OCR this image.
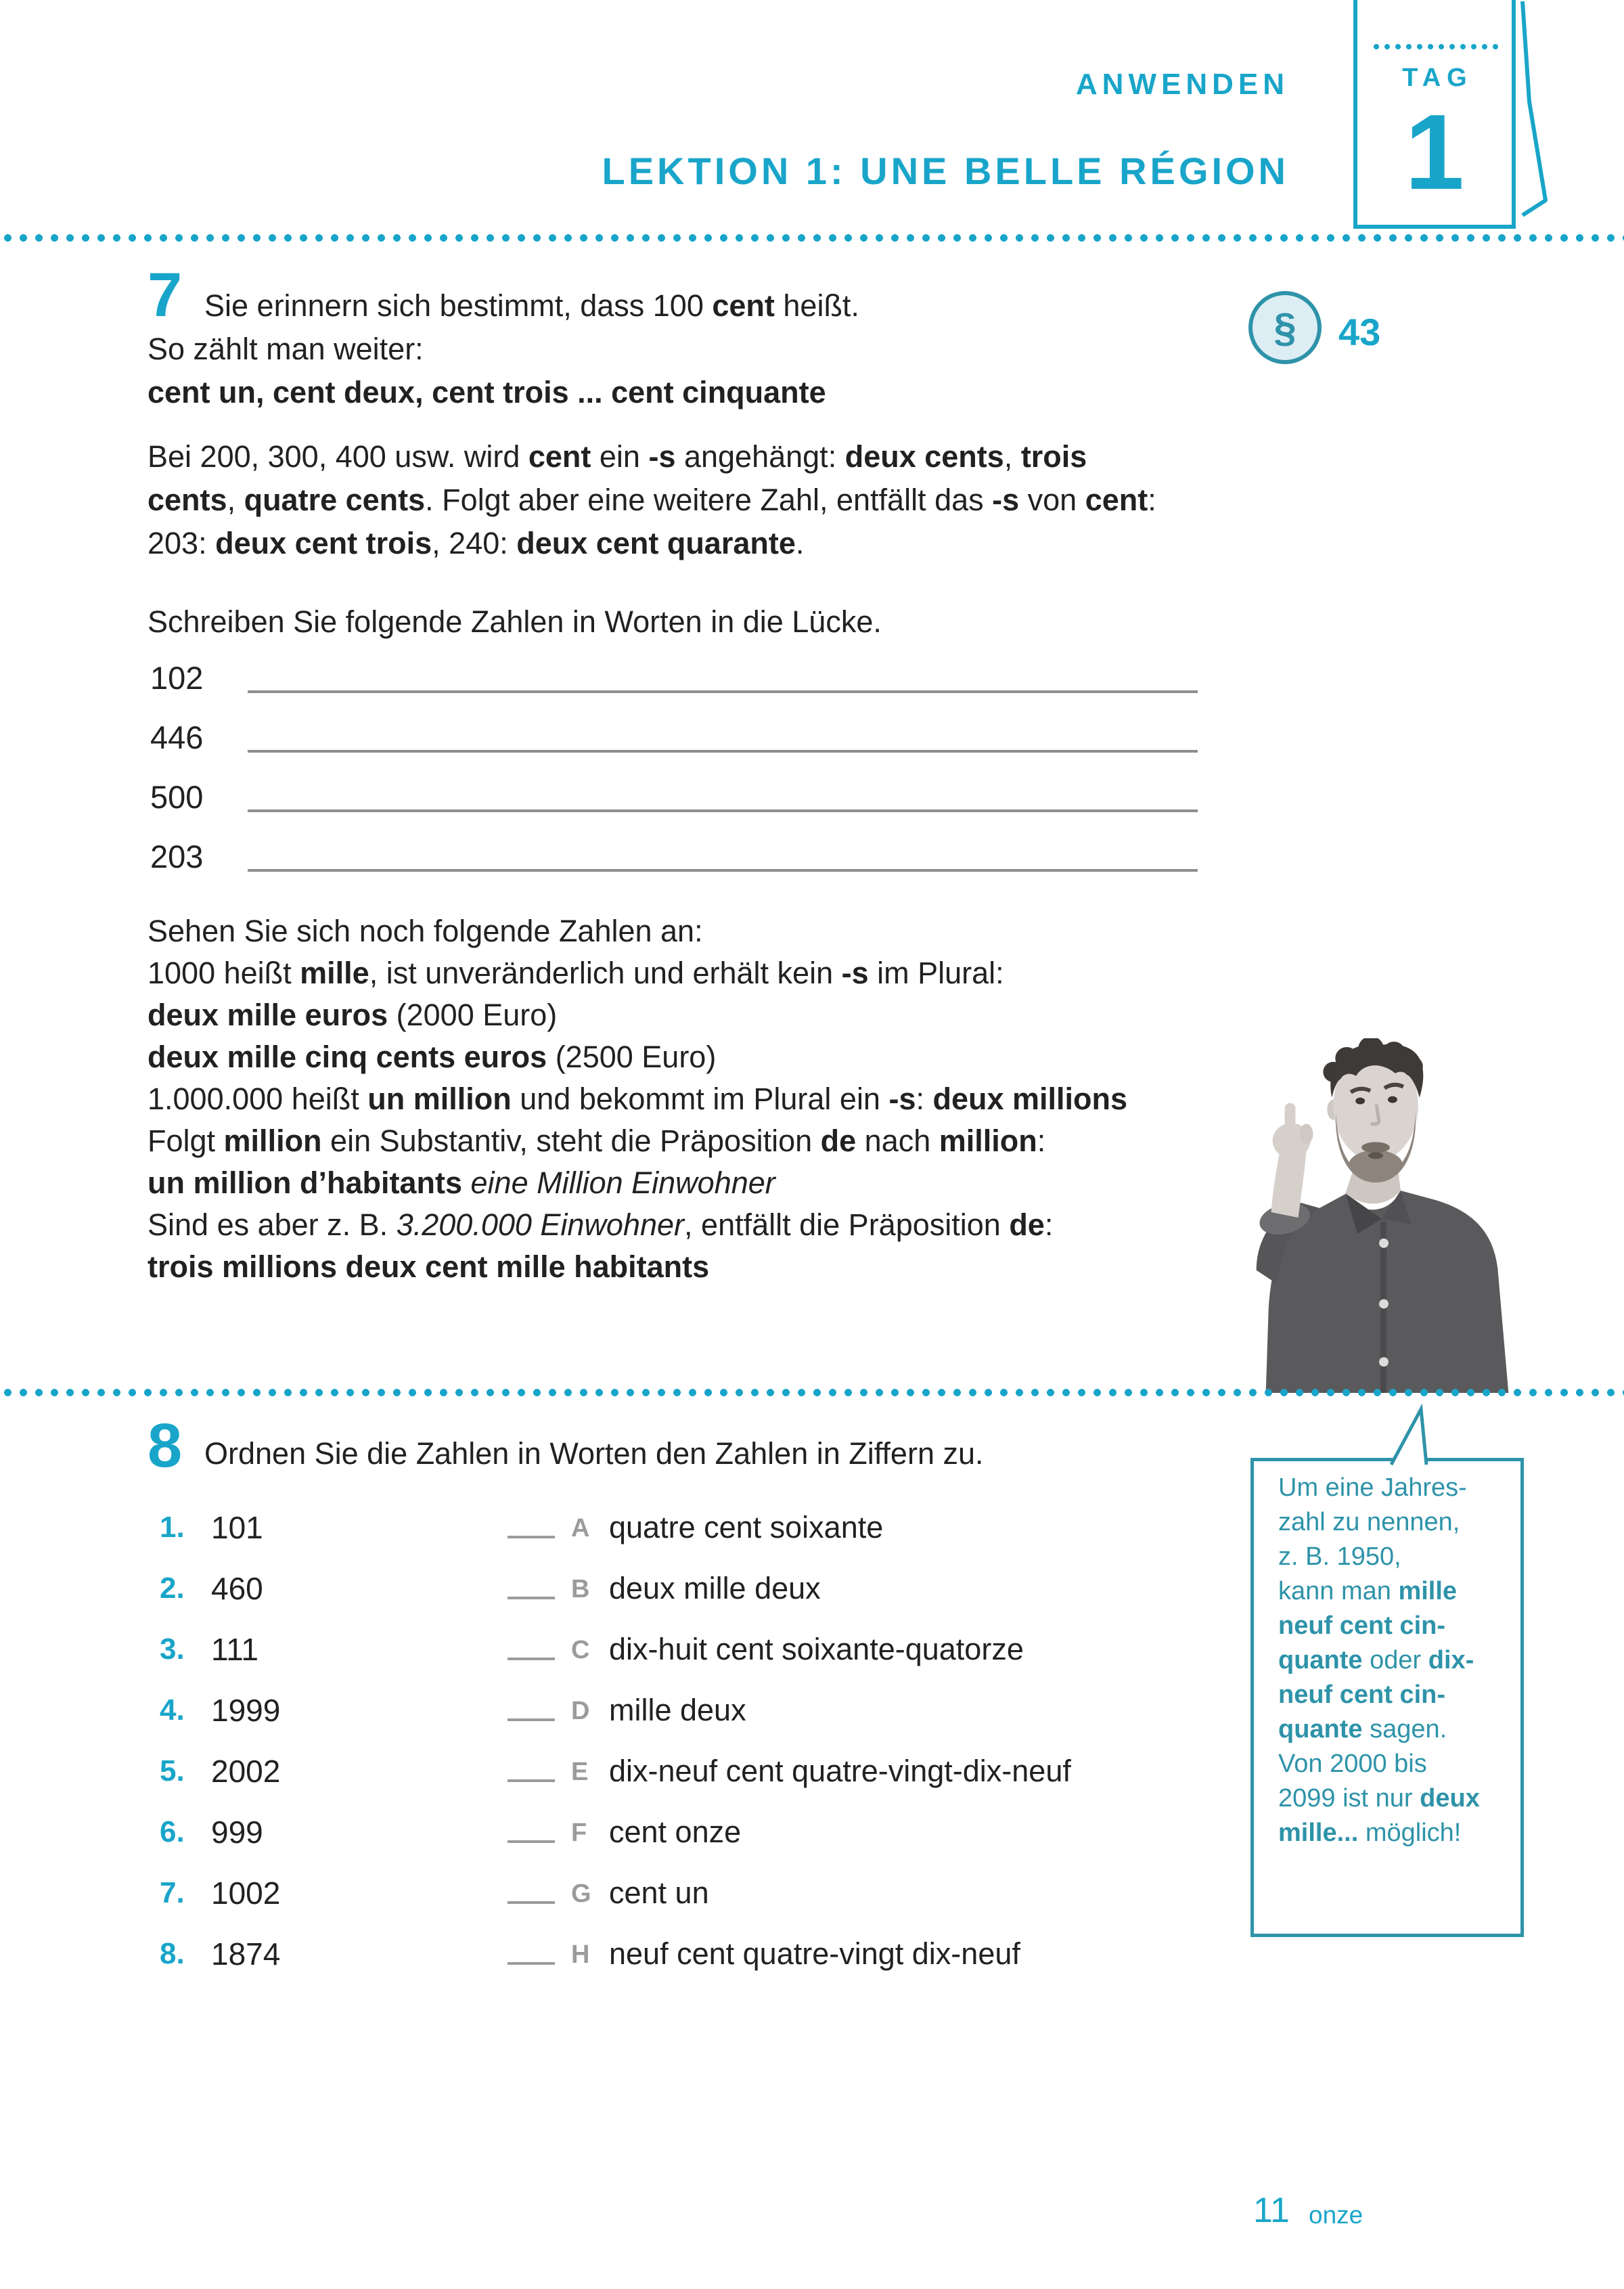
ANWENDEN
LEKTION 1: UNE BELLE RÉGION
TAG
1
7 Sie erinnern sich bestimmt, dass 100 cent heißt.
So zählt man weiter:
cent un, cent deux, cent trois ... cent cinquante
§	43
Bei 200, 300, 400 usw. wird cent ein -s angehängt: deux cents, trois
cents, quatre cents. Folgt aber eine weitere Zahl, entfällt das -s von cent:
203: deux cent trois, 240: deux cent quarante.
Schreiben Sie folgende Zahlen in Worten in die Lücke.
102
446
500
203
Sehen Sie sich noch folgende Zahlen an:
1000 heißt mille, ist unveränderlich und erhält kein -s im Plural:
deux mille euros (2000 Euro)
deux mille cinq cents euros (2500 Euro)
1.000.000 heißt un million und bekommt im Plural ein -s: deux millions
Folgt million ein Substantiv, steht die Präposition de nach million:
un million d’habitants eine Million Einwohner
Sind es aber z. B. 3.200.000 Einwohner, entfällt die Präposition de:
trois millions deux cent mille habitants
8 Ordnen Sie die Zahlen in Worten den Zahlen in Ziffern zu.
1. 101	A quatre cent soixante
2. 460	B deux mille deux
3. 111	C dix-huit cent soixante-quatorze
4. 1999	D mille deux
5. 2002	E dix-neuf cent quatre-vingt-dix-neuf
6. 999	F cent onze
7. 1002	G cent un
8. 1874	H neuf cent quatre-vingt dix-neuf
Um eine Jahres-
zahl zu nennen,
z. B. 1950,
kann man mille
neuf cent cin-
quante oder dix-
neuf cent cin-
quante sagen.
Von 2000 bis
2099 ist nur deux
mille... möglich!
11 onze
